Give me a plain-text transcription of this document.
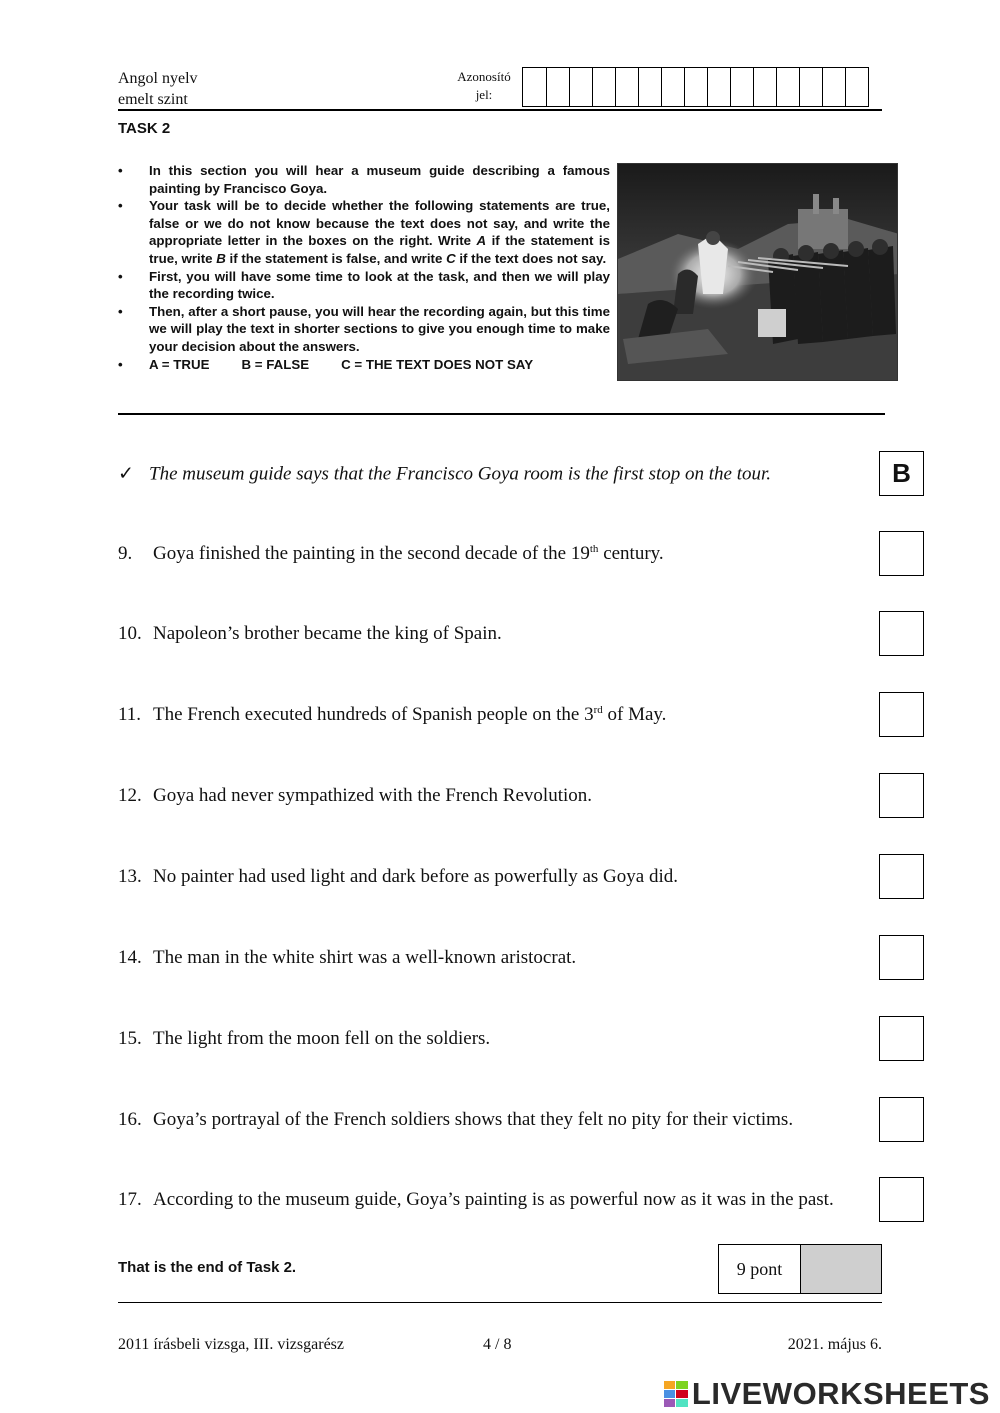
Angol nyelv
emelt szint
Azonosító
jel:
TASK 2
• In this section you will hear a museum guide describing a famous painting by Francisco Goya.
• Your task will be to decide whether the following statements are true, false or we do not know because the text does not say, and write the appropriate letter in the boxes on the right. Write A if the statement is true, write B if the statement is false, and write C if the text does not say.
• First, you will have some time to look at the task, and then we will play the recording twice.
• Then, after a short pause, you will hear the recording again, but this time we will play the text in shorter sections to give you enough time to make your decision about the answers.
• A = TRUE B = FALSE C = THE TEXT DOES NOT SAY
✓ The museum guide says that the Francisco Goya room is the first stop on the tour.	B
9. Goya finished the painting in the second decade of the 19th century.
10. Napoleon’s brother became the king of Spain.
11. The French executed hundreds of Spanish people on the 3rd of May.
12. Goya had never sympathized with the French Revolution.
13. No painter had used light and dark before as powerfully as Goya did.
14. The man in the white shirt was a well-known aristocrat.
15. The light from the moon fell on the soldiers.
16. Goya’s portrayal of the French soldiers shows that they felt no pity for their victims.
17. According to the museum guide, Goya’s painting is as powerful now as it was in the past.
That is the end of Task 2.	9 pont
2011 írásbeli vizsga, III. vizsgarész	4 / 8	2021. május 6.
LIVEWORKSHEETS
